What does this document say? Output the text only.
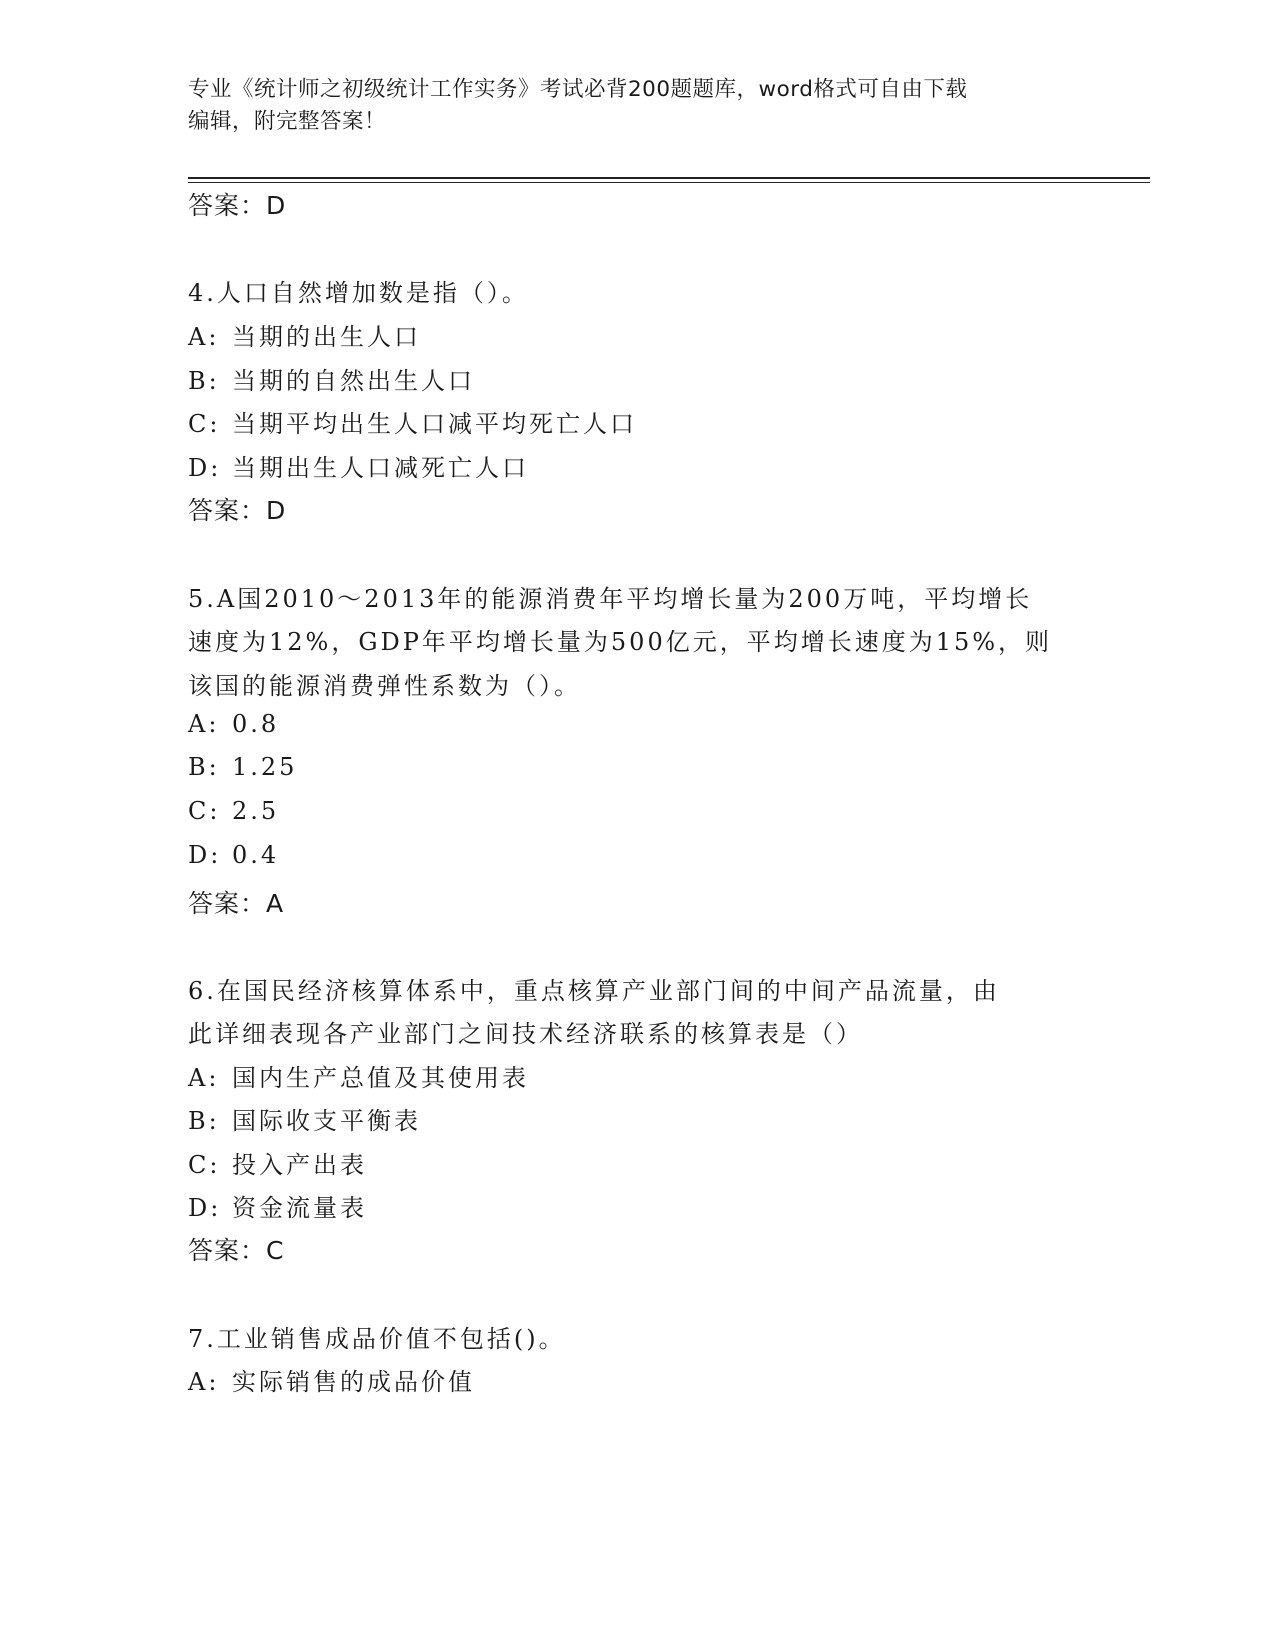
专业《统计师之初级统计工作实务》考试必背200题题库，word格式可自由下载
编辑，附完整答案！
答案：D
4.人口自然增加数是指（）。
A: 当期的出生人口
B: 当期的自然出生人口
C: 当期平均出生人口减平均死亡人口
D: 当期出生人口减死亡人口
答案：D
5.A国2010～2013年的能源消费年平均增长量为200万吨，平均增长
速度为12%，GDP年平均增长量为500亿元，平均增长速度为15%，则
该国的能源消费弹性系数为（）。
A: 0.8
B: 1.25
C: 2.5
D: 0.4
答案：A
6.在国民经济核算体系中，重点核算产业部门间的中间产品流量，由
此详细表现各产业部门之间技术经济联系的核算表是（）
A: 国内生产总值及其使用表
B: 国际收支平衡表
C: 投入产出表
D: 资金流量表
答案：C
7.工业销售成品价值不包括()。
A: 实际销售的成品价值
